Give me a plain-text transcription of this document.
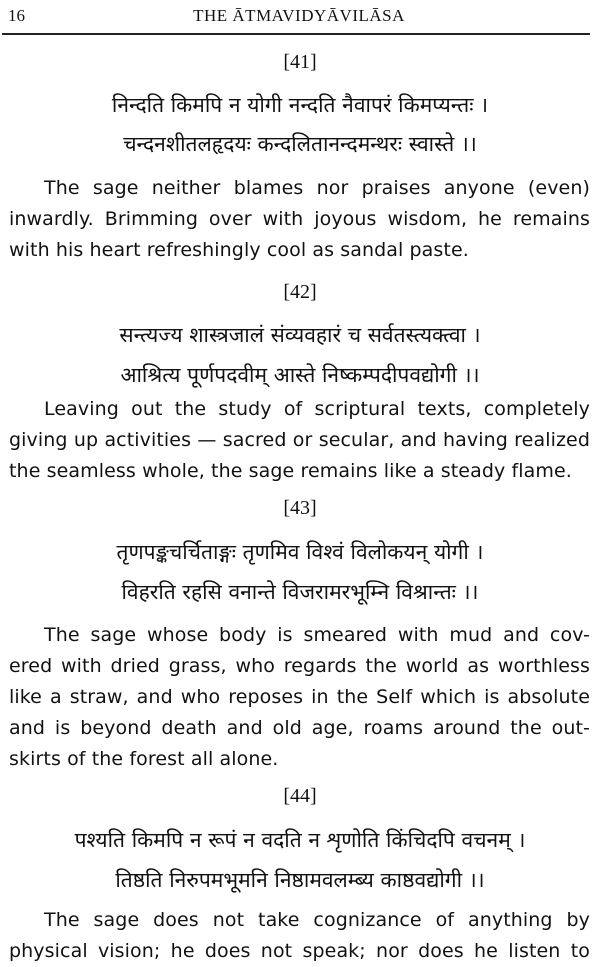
16	THE ĀTMAVIDYĀVILĀSA
[41]
निन्दति किमपि न योगी नन्दति नैवापरं किमप्यन्तः ।
चन्दनशीतलहृदयः कन्दलितानन्दमन्थरः स्वास्ते ।।
The sage neither blames nor praises anyone (even)
inwardly. Brimming over with joyous wisdom, he remains
with his heart refreshingly cool as sandal paste.
[42]
सन्त्यज्य शास्त्रजालं संव्यवहारं च सर्वतस्त्यक्त्वा ।
आश्रित्य पूर्णपदवीम् आस्ते निष्कम्पदीपवद्योगी ।।
Leaving out the study of scriptural texts, completely
giving up activities — sacred or secular, and having realized
the seamless whole, the sage remains like a steady flame.
[43]
तृणपङ्कचर्चिताङ्गः तृणमिव विश्वं विलोकयन् योगी ।
विहरति रहसि वनान्ते विजरामरभूम्नि विश्रान्तः ।।
The sage whose body is smeared with mud and cov-
ered with dried grass, who regards the world as worthless
like a straw, and who reposes in the Self which is absolute
and is beyond death and old age, roams around the out-
skirts of the forest all alone.
[44]
पश्यति किमपि न रूपं न वदति न शृणोति किंचिदपि वचनम् ।
तिष्ठति निरुपमभूमनि निष्ठामवलम्ब्य काष्ठवद्योगी ।।
The sage does not take cognizance of anything by
physical vision; he does not speak; nor does he listen to
